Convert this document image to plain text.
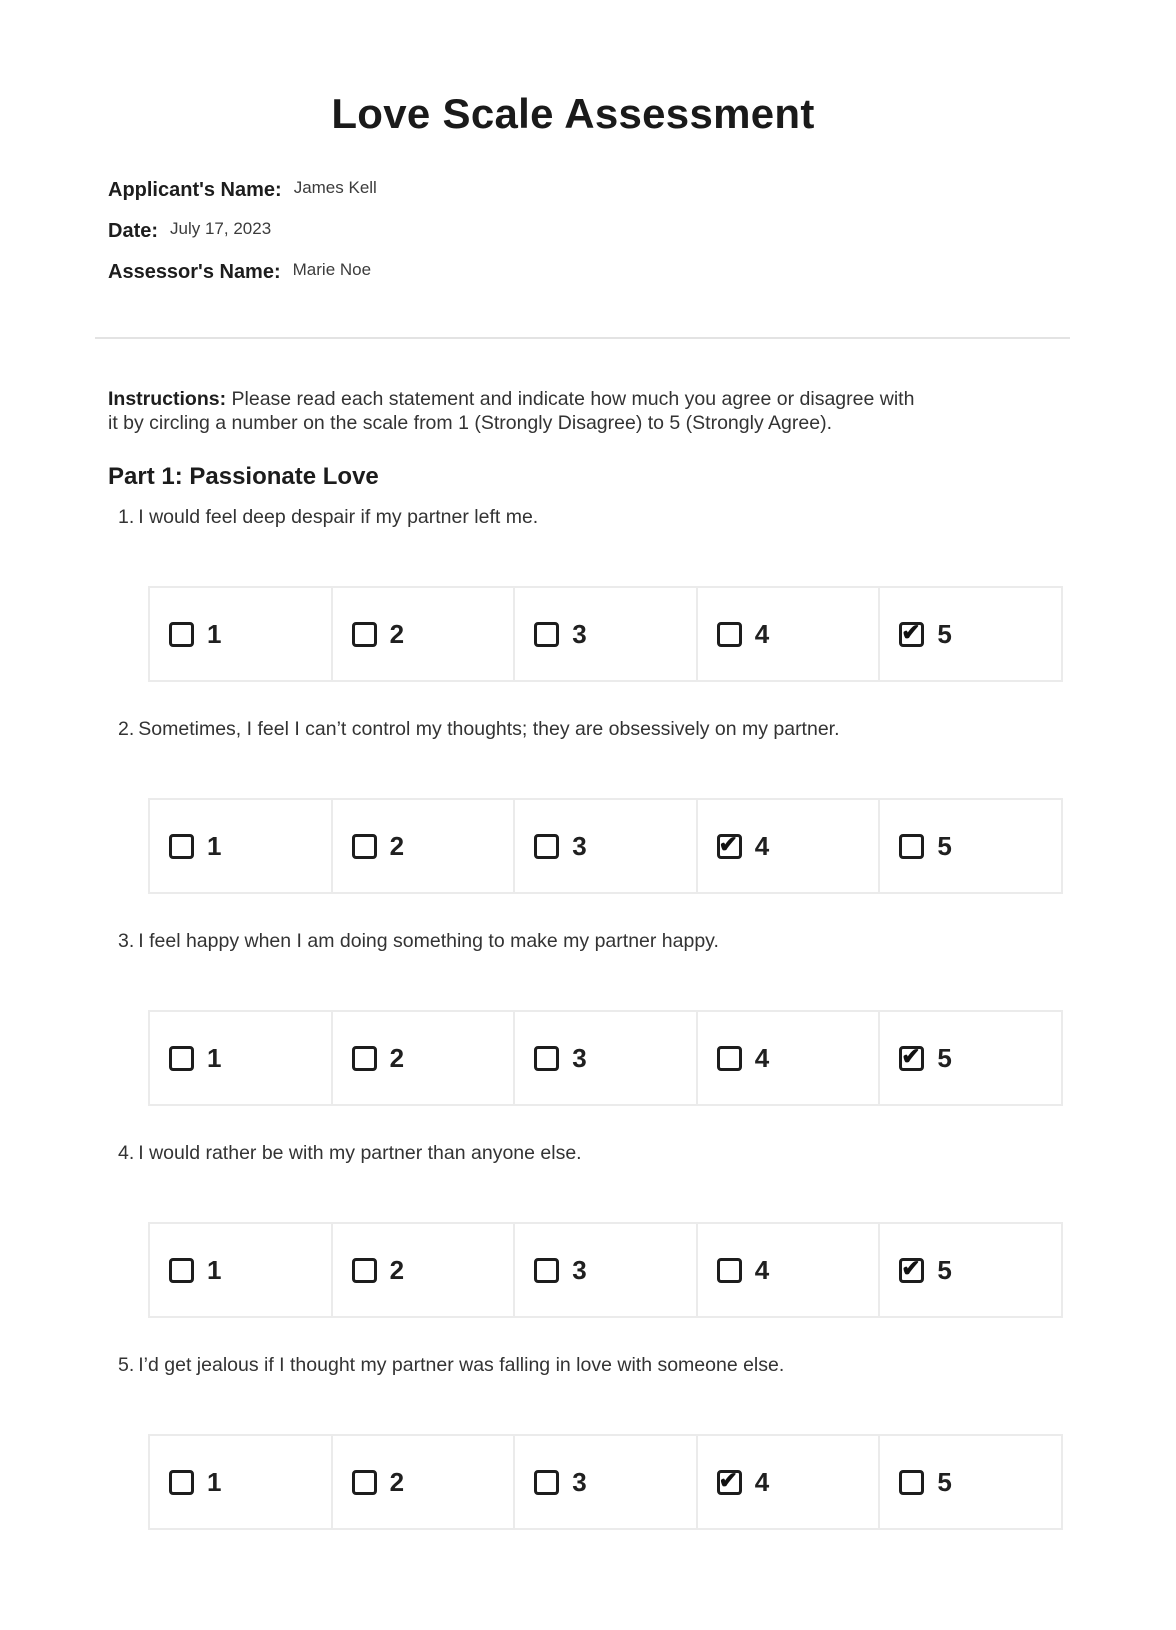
Love Scale Assessment
Applicant's Name: James Kell
Date: July 17, 2023
Assessor's Name: Marie Noe
Instructions: Please read each statement and indicate how much you agree or disagree with
it by circling a number on the scale from 1 (Strongly Disagree) to 5 (Strongly Agree).
Part 1: Passionate Love
1. I would feel deep despair if my partner left me.
1	2	3	4	✔ 5
2. Sometimes, I feel I can’t control my thoughts; they are obsessively on my partner.
1	2	3	✔ 4	5
3. I feel happy when I am doing something to make my partner happy.
1	2	3	4	✔ 5
4. I would rather be with my partner than anyone else.
1	2	3	4	✔ 5
5. I’d get jealous if I thought my partner was falling in love with someone else.
1	2	3	✔ 4	5
